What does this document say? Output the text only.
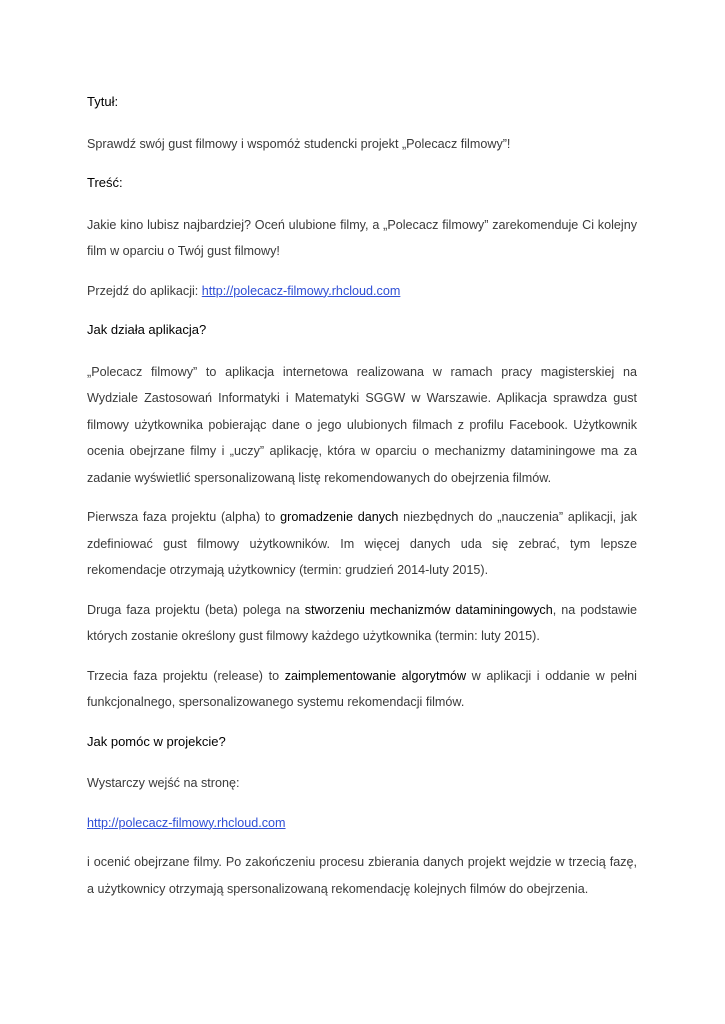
Tytuł:

Sprawdź swój gust filmowy i wspomóż studencki projekt „Polecacz filmowy”!

Treść:

Jakie kino lubisz najbardziej? Oceń ulubione filmy, a „Polecacz filmowy” zarekomenduje Ci kolejny film w oparciu o Twój gust filmowy!

Przejdź do aplikacji: http://polecacz-filmowy.rhcloud.com

Jak działa aplikacja?

„Polecacz filmowy” to aplikacja internetowa realizowana w ramach pracy magisterskiej na Wydziale Zastosowań Informatyki i Matematyki SGGW w Warszawie. Aplikacja sprawdza gust filmowy użytkownika pobierając dane o jego ulubionych filmach z profilu Facebook. Użytkownik ocenia obejrzane filmy i „uczy” aplikację, która w oparciu o mechanizmy dataminingowe ma za zadanie wyświetlić spersonalizowaną listę rekomendowanych do obejrzenia filmów.

Pierwsza faza projektu (alpha) to gromadzenie danych niezbędnych do „nauczenia” aplikacji, jak zdefiniować gust filmowy użytkowników. Im więcej danych uda się zebrać, tym lepsze rekomendacje otrzymają użytkownicy (termin: grudzień 2014-luty 2015).

Druga faza projektu (beta) polega na stworzeniu mechanizmów dataminingowych, na podstawie których zostanie określony gust filmowy każdego użytkownika (termin: luty 2015).

Trzecia faza projektu (release) to zaimplementowanie algorytmów w aplikacji i oddanie w pełni funkcjonalnego, spersonalizowanego systemu rekomendacji filmów.

Jak pomóc w projekcie?

Wystarczy wejść na stronę:

http://polecacz-filmowy.rhcloud.com

i ocenić obejrzane filmy. Po zakończeniu procesu zbierania danych projekt wejdzie w trzecią fazę, a użytkownicy otrzymają spersonalizowaną rekomendację kolejnych filmów do obejrzenia.
